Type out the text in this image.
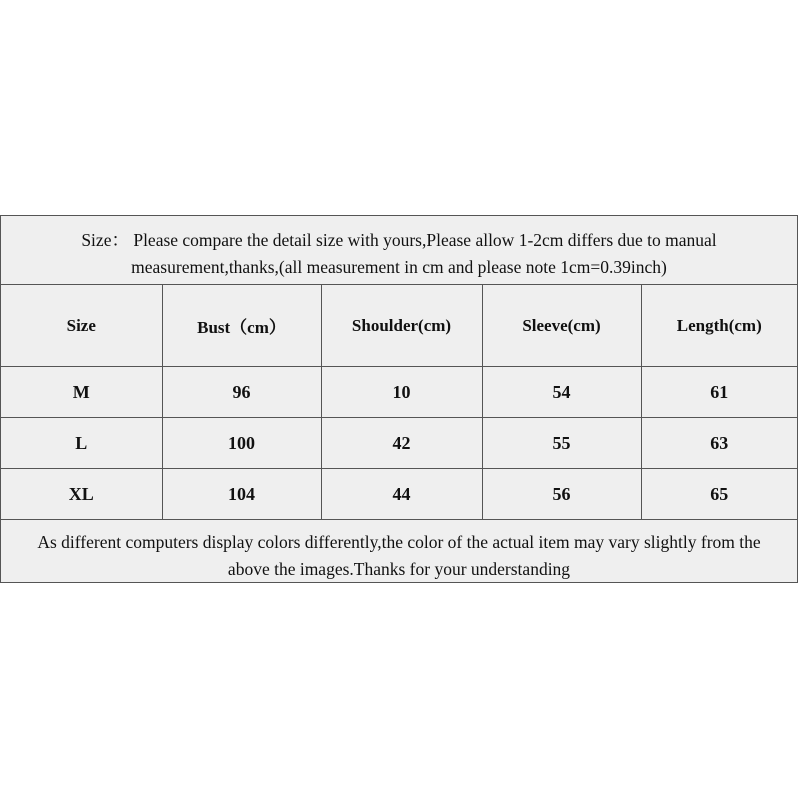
Size： Please compare the detail size with yours,Please allow 1-2cm differs due to manual
measurement,thanks,(all measurement in cm and please note 1cm=0.39inch)
Size	Bust（cm）	Shoulder(cm)	Sleeve(cm)	Length(cm)
M	96	10	54	61
L	100	42	55	63
XL	104	44	56	65
As different computers display colors differently,the color of the actual item may vary slightly from the
above the images.Thanks for your understanding
